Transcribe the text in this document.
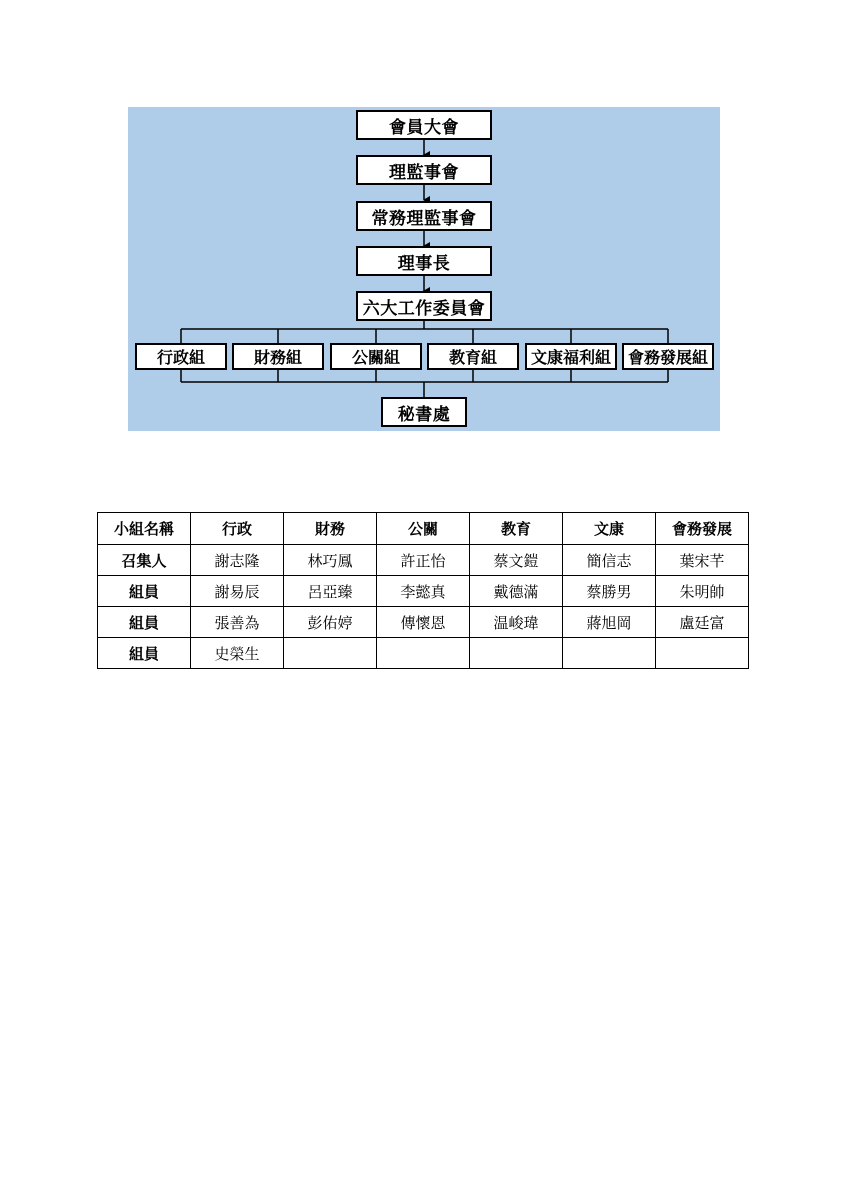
會員大會
理監事會
常務理監事會
理事長
六大工作委員會
行政組	財務組	公關組	教育組	文康福利組	會務發展組
秘書處
小組名稱	行政	財務	公關	教育	文康	會務發展
召集人	謝志隆	林巧鳳	許正怡	蔡文鎧	簡信志	葉宋芊
組員	謝易辰	呂亞臻	李懿真	戴德滿	蔡勝男	朱明帥
組員	張善為	彭佑婷	傳懷恩	温峻瑋	蔣旭岡	盧廷富
組員	史榮生					
